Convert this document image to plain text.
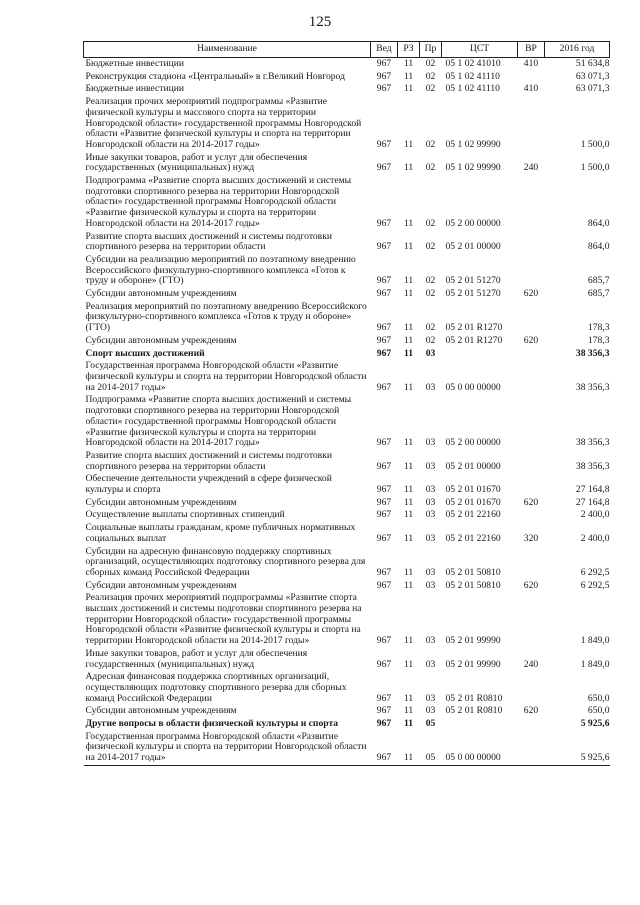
125
Наименование	Вед	РЗ	Пр	ЦСТ	ВР	2016 год
Бюджетные инвестиции	967	11	02	05 1 02 41010	410	51 634,8
Реконструкция стадиона «Центральный» в г.Великий Новгород	967	11	02	05 1 02 41110		63 071,3
Бюджетные инвестиции	967	11	02	05 1 02 41110	410	63 071,3
Реализация прочих мероприятий подпрограммы «Развитие физической культуры и массового спорта на территории Новгородской области» государственной программы Новгородской области «Развитие физической культуры и спорта на территории Новгородской области на 2014-2017 годы»	967	11	02	05 1 02 99990		1 500,0
Иные закупки товаров, работ и услуг для обеспечения государственных (муниципальных) нужд	967	11	02	05 1 02 99990	240	1 500,0
Подпрограмма «Развитие спорта высших достижений и системы подготовки спортивного резерва на территории Новгородской области» государственной программы Новгородской области «Развитие физической культуры и спорта на территории Новгородской области на 2014-2017 годы»	967	11	02	05 2 00 00000		864,0
Развитие спорта высших достижений и системы подготовки спортивного резерва на территории области	967	11	02	05 2 01 00000		864,0
Субсидии на реализацию мероприятий по поэтапному внедрению Всероссийского физкультурно-спортивного комплекса «Готов к труду и обороне» (ГТО)	967	11	02	05 2 01 51270		685,7
Субсидии автономным учреждениям	967	11	02	05 2 01 51270	620	685,7
Реализация мероприятий по поэтапному внедрению Всероссийского физкультурно-спортивного комплекса «Готов к труду и обороне» (ГТО)	967	11	02	05 2 01 R1270		178,3
Субсидии автономным учреждениям	967	11	02	05 2 01 R1270	620	178,3
Спорт высших достижений	967	11	03			38 356,3
Государственная программа Новгородской области «Развитие физической культуры и спорта на территории Новгородской области на 2014-2017 годы»	967	11	03	05 0 00 00000		38 356,3
Подпрограмма «Развитие спорта высших достижений и системы подготовки спортивного резерва на территории Новгородской области» государственной программы Новгородской области «Развитие физической культуры и спорта на территории Новгородской области на 2014-2017 годы»	967	11	03	05 2 00 00000		38 356,3
Развитие спорта высших достижений и системы подготовки спортивного резерва на территории области	967	11	03	05 2 01 00000		38 356,3
Обеспечение деятельности учреждений в сфере физической культуры и спорта	967	11	03	05 2 01 01670		27 164,8
Субсидии автономным учреждениям	967	11	03	05 2 01 01670	620	27 164,8
Осуществление выплаты спортивных стипендий	967	11	03	05 2 01 22160		2 400,0
Социальные выплаты гражданам, кроме публичных нормативных социальных выплат	967	11	03	05 2 01 22160	320	2 400,0
Субсидии на адресную финансовую поддержку спортивных организаций, осуществляющих подготовку спортивного резерва для сборных команд Российской Федерации	967	11	03	05 2 01 50810		6 292,5
Субсидии автономным учреждениям	967	11	03	05 2 01 50810	620	6 292,5
Реализация прочих мероприятий подпрограммы «Развитие спорта высших достижений и системы подготовки спортивного резерва на территории Новгородской области» государственной программы Новгородской области «Развитие физической культуры и спорта на территории Новгородской области на 2014-2017 годы»	967	11	03	05 2 01 99990		1 849,0
Иные закупки товаров, работ и услуг для обеспечения государственных (муниципальных) нужд	967	11	03	05 2 01 99990	240	1 849,0
Адресная финансовая поддержка спортивных организаций, осуществляющих подготовку спортивного резерва для сборных команд Российской Федерации	967	11	03	05 2 01 R0810		650,0
Субсидии автономным учреждениям	967	11	03	05 2 01 R0810	620	650,0
Другие вопросы в области физической культуры и спорта	967	11	05			5 925,6
Государственная программа Новгородской области «Развитие физической культуры и спорта на территории Новгородской области на 2014-2017 годы»	967	11	05	05 0 00 00000		5 925,6
